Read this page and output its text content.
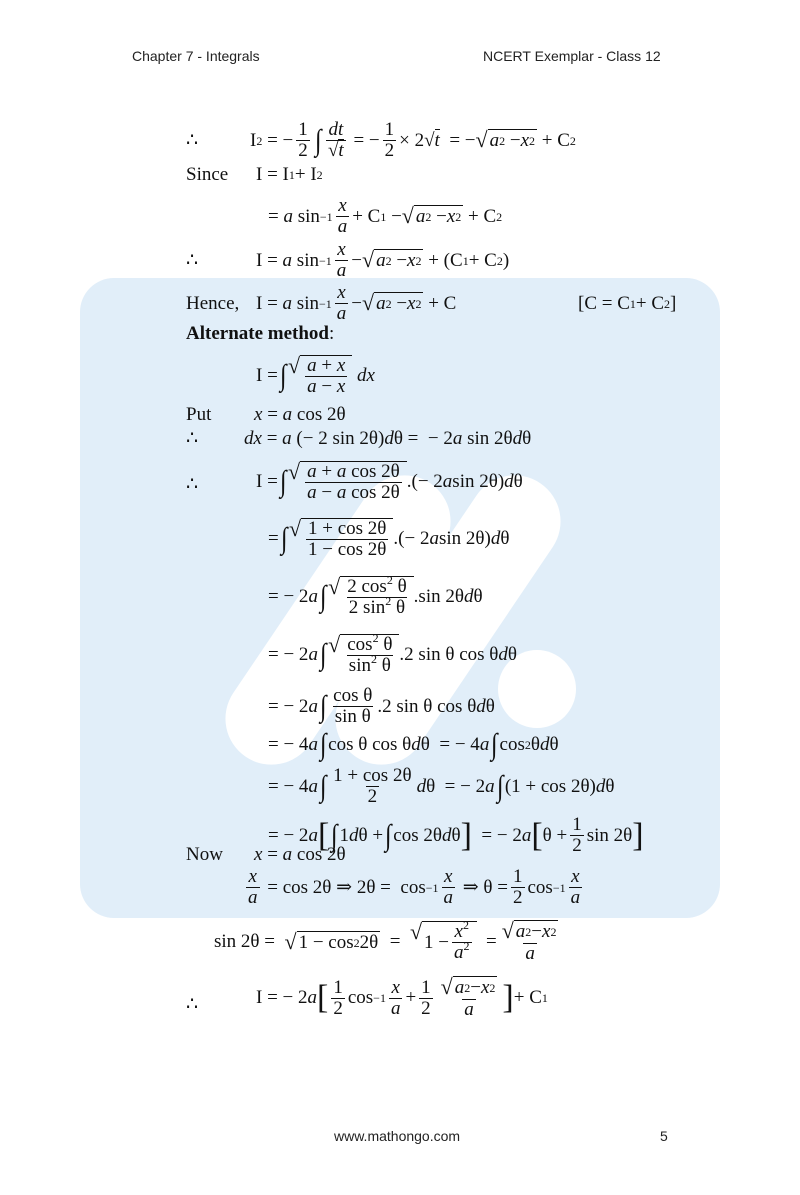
Chapter 7 - Integrals	NCERT Exemplar - Class 12
∴	I 2 = − $\frac{1}{2}$ ∫ $\frac{dt}{√t}$ = − $\frac{1}{2} \times 2√$ t = − √ a 2 − x 2 + C 2
Since I = I 1 + I 2
= a $\sin -1 \frac{x}{a} + C$ 1 − √ a 2 − x 2 + C 2
∴	I = a $\sin -1 \frac{x}{a}$ − √ a 2 − x 2 + (C 1 + C 2 )
Hence, I = a $\sin -1 \frac{x}{a}$ − √ a 2 − x 2 + C	[C = C 1 + C 2 ]
Alternate method:
I = ∫ √ $\frac{a + x}{a - x}$
dx
Put x = a cos 2θ
∴ dx = a (− 2 sin 2θ) d θ =  − 2 a sin 2θ d θ
∴	I = ∫ √ $\frac{\text{a + a cos 2θ}}{\text{a − a cos 2θ}}$ .(− 2 a sin 2θ) d θ
= ∫ √ $\frac{1 + \cos 2\theta}{1 - \cos 2\theta}$ .(− 2 a sin 2θ) d θ
= − 2 a ∫ √ $\frac{2 \cos^2 \theta}{2 \sin^2 \theta} .\sin$ 2θ d θ
= − 2 a ∫ √ $\frac{\cos^2 \theta}{\sin^2 \theta} .2$ sin θ cos θ d θ
= − 2 a ∫ $\frac{\text{cos θ}}{\text{sin θ}} .2$ sin θ cos θ d θ
= − 4 a ∫ cos θ cos θ d θ  = − 4 a ∫ cos 2 θ d θ
= − 4 a ∫ $\frac{1 + \cos 2\theta}{2}$ d θ  = − 2 a ∫ (1 + cos 2θ) d θ
= − 2 a [ ∫ 1 d θ + ∫ cos 2θ d θ ] = − 2 a [ $\theta + \frac{1}{2}$ sin 2θ ]
Now x = a cos 2θ
$\frac{x}{a} = \cos 2\theta$ ⇒ $2\theta = \cos -1 \frac{x}{a}$ ⇒ $\theta = \frac{1}{2}$ $\cos -1 \frac{x}{a}$
sin 2θ = √ 1 − cos 2 2θ = √ $1 - \frac{x^2}{a^2} = \frac{√ a 2 - x 2}{a}$
∴	I = − 2 a [ $\frac{1}{2}$ $\cos -1 \frac{x}{a} + \frac{1}{2} \frac{√ a 2 - x 2}{a}$ ] + C 1
www.mathongo.com	5
